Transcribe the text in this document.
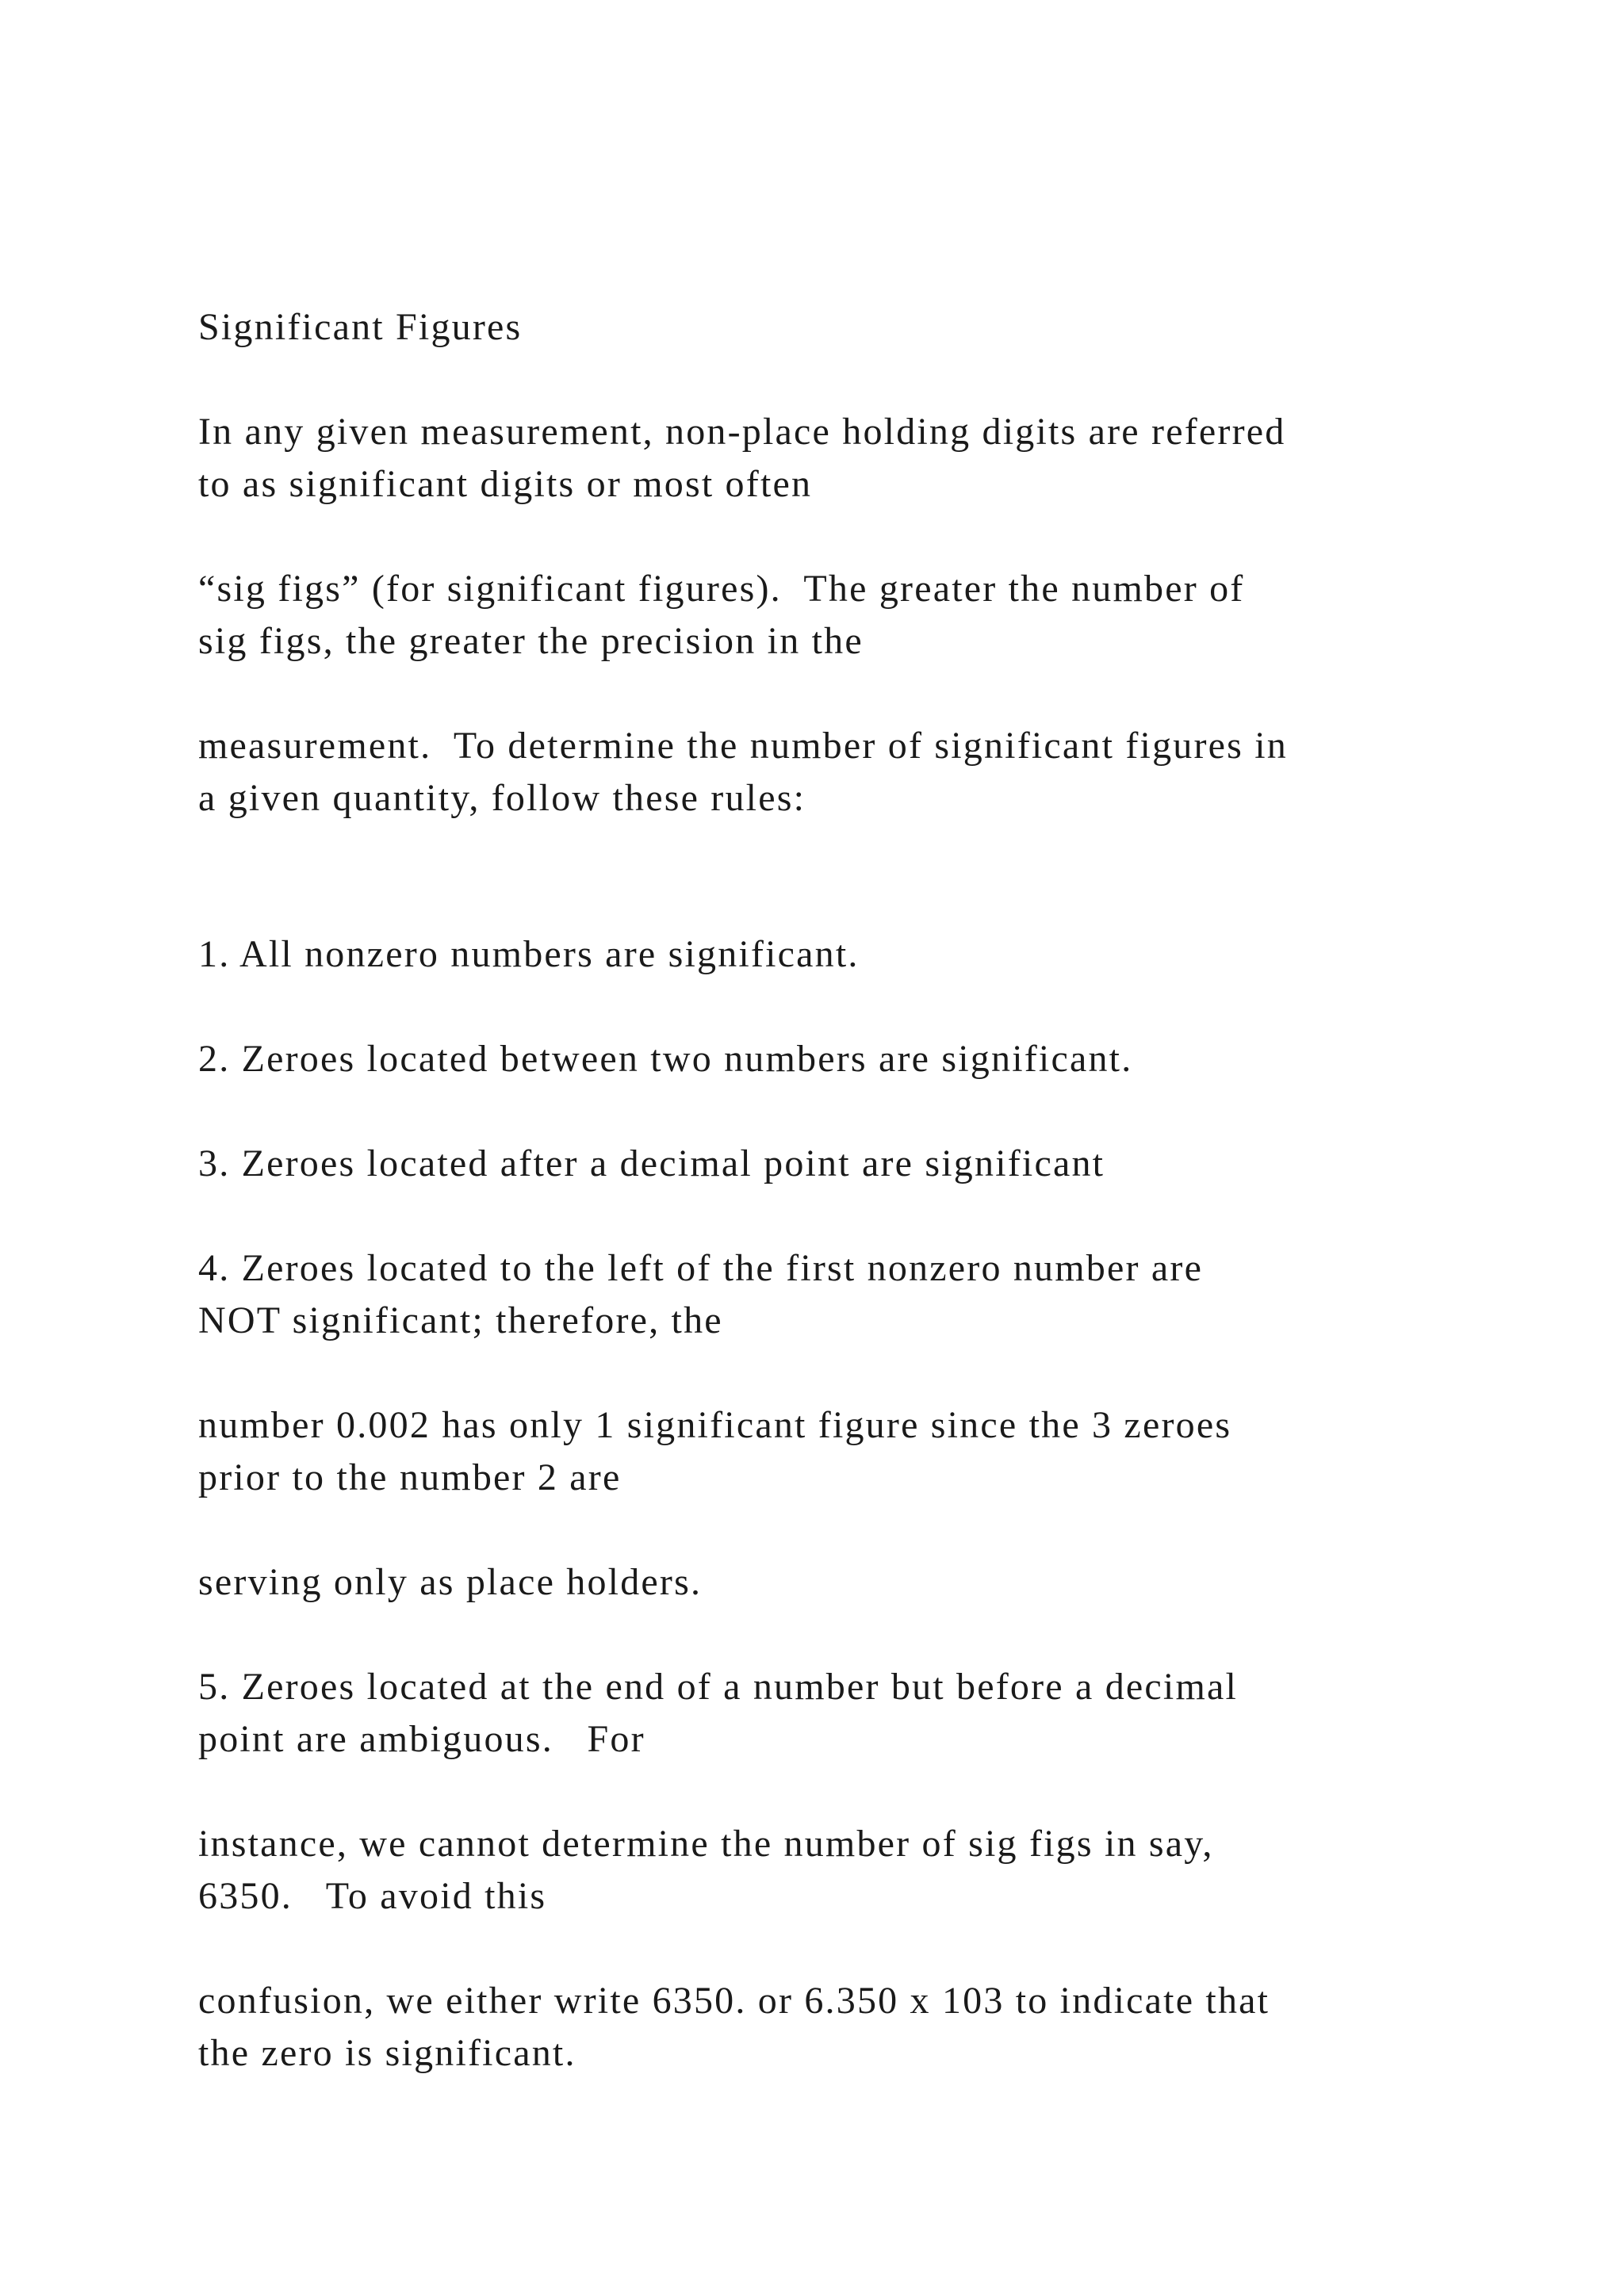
Significant Figures

In any given measurement, non-place holding digits are referred

to as significant digits or most often

“sig figs” (for significant figures).  The greater the number of

sig figs, the greater the precision in the

measurement.  To determine the number of significant figures in

a given quantity, follow these rules:

1. All nonzero numbers are significant.

2. Zeroes located between two numbers are significant.

3. Zeroes located after a decimal point are significant

4. Zeroes located to the left of the first nonzero number are

NOT significant; therefore, the

number 0.002 has only 1 significant figure since the 3 zeroes

prior to the number 2 are

serving only as place holders.

5. Zeroes located at the end of a number but before a decimal

point are ambiguous.   For

instance, we cannot determine the number of sig figs in say,

6350.   To avoid this

confusion, we either write 6350. or 6.350 x 103 to indicate that

the zero is significant.
